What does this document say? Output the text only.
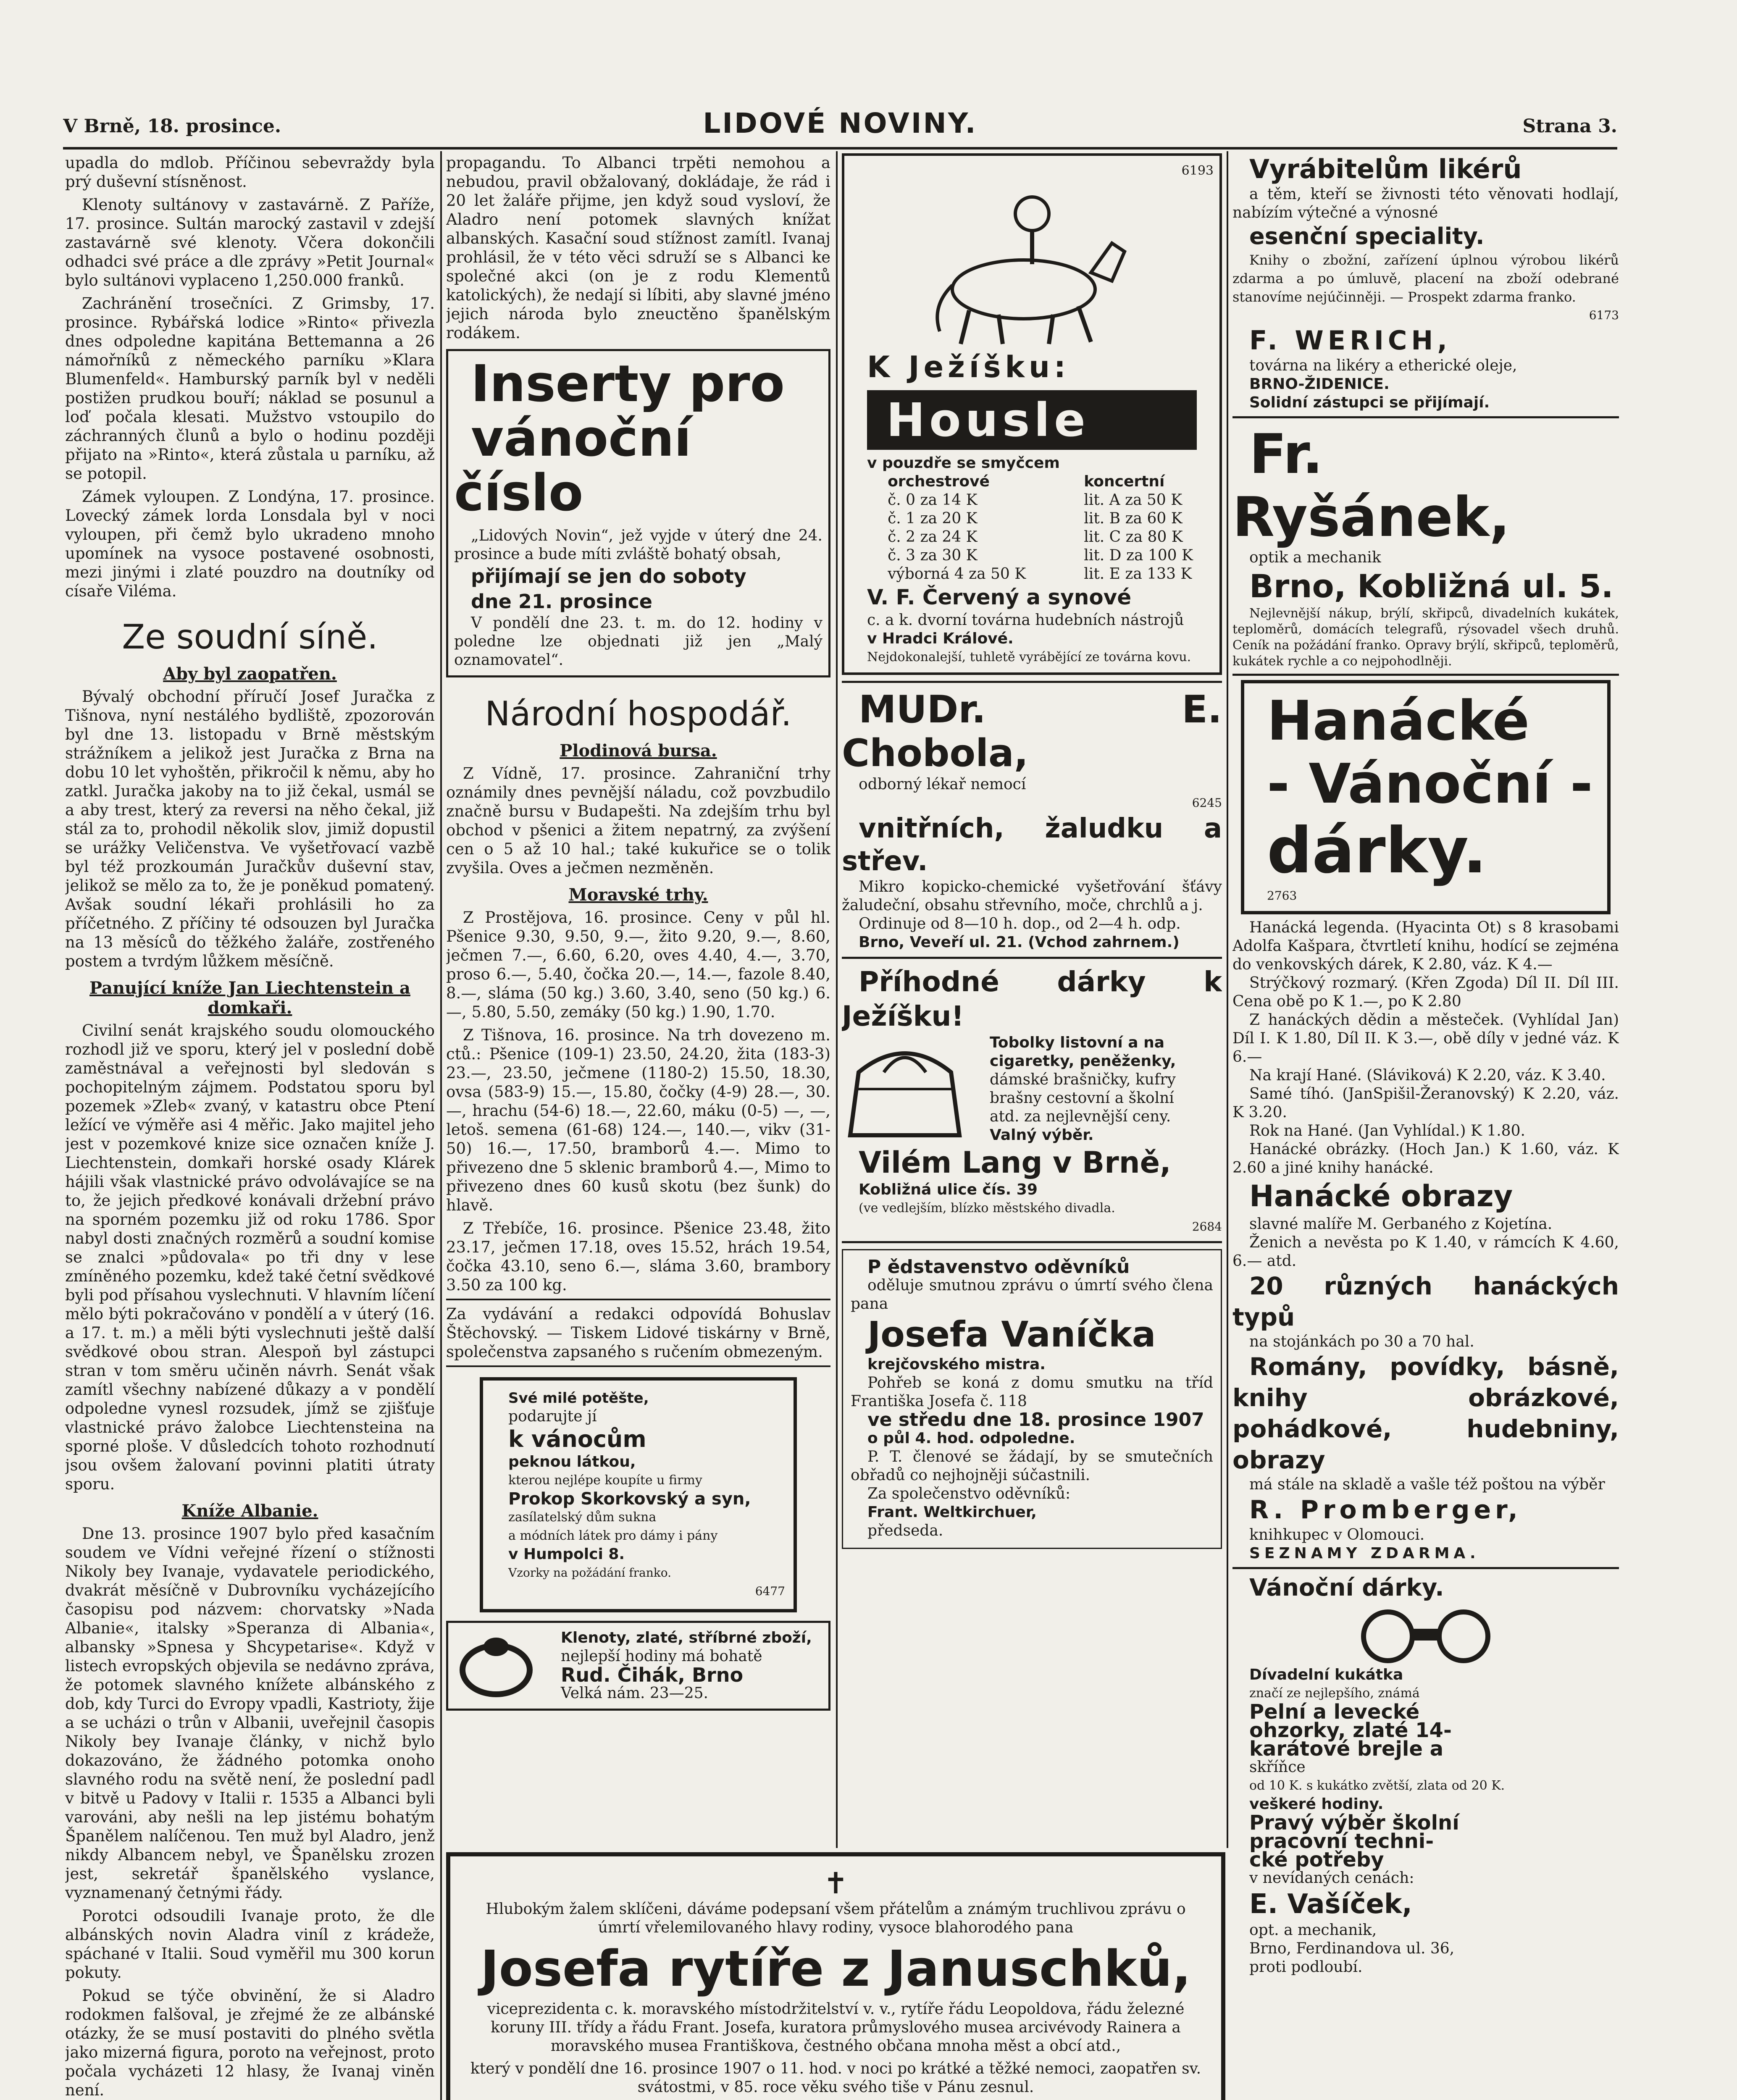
V Brně, 18. prosince.	LIDOVÉ NOVINY.	Strana 3.

upadla do mdlob. Příčinou sebevraždy byla prý duševní stísněnost.

Klenoty sultánovy v zastavárně. Z Paříže, 17. prosince. Sultán marocký zastavil v zdejší zastavárně své klenoty. Včera dokončili odhadci své práce a dle zprávy »Petit Journal« bylo sultánovi vyplaceno 1,250.000 franků.

Zachránění trosečníci. Z Grimsby, 17. prosince. Rybářská lodice »Rinto« přivezla dnes odpoledne kapitána Bettemanna a 26 námořníků z německého parníku »Klara Blumenfeld«. Hamburský parník byl v neděli postižen prudkou bouří; náklad se posunul a loď počala klesati. Mužstvo vstoupilo do záchranných člunů a bylo o hodinu později přijato na »Rinto«, která zůstala u parníku, až se potopil.

Zámek vyloupen. Z Londýna, 17. prosince. Lovecký zámek lorda Lonsdala byl v noci vyloupen, při čemž bylo ukradeno mnoho upomínek na vysoce postavené osobnosti, mezi jinými i zlaté pouzdro na doutníky od císaře Viléma.

Ze soudní síně.
Aby byl zaopatřen.

Bývalý obchodní příručí Josef Juračka z Tišnova, nyní nestálého bydliště, zpozorován byl dne 13. listopadu v Brně městským strážníkem a jelikož jest Juračka z Brna na dobu 10 let vyhoštěn, přikročil k němu, aby ho zatkl. Juračka jakoby na to již čekal, usmál se a aby trest, který za reversi na něho čekal, již stál za to, prohodil několik slov, jimiž dopustil se urážky Veličenstva. Ve vyšetřovací vazbě byl též prozkoumán Juračkův duševní stav, jelikož se mělo za to, že je poněkud pomatený. Avšak soudní lékaři prohlásili ho za příčetného. Z příčiny té odsouzen byl Juračka na 13 měsíců do těžkého žaláře, zostřeného postem a tvrdým lůžkem měsíčně.

Panující kníže Jan Liechtenstein a domkaři.

Civilní senát krajského soudu olomouckého rozhodl již ve sporu, který jel v poslední době zaměstnával a veřejnosti byl sledován s pochopitelným zájmem. Podstatou sporu byl pozemek »Zleb« zvaný, v katastru obce Ptení ležící ve výměře asi 4 měřic. Jako majitel jeho jest v pozemkové knize sice označen kníže J. Liechtenstein, domkaři horské osady Klárek hájili však vlastnické právo odvolávajíce se na to, že jejich předkové konávali držební právo na sporném pozemku již od roku 1786. Spor nabyl dosti značných rozměrů a soudní komise se znalci »půdovala« po tři dny v lese zmíněného pozemku, kdež také četní svědkové byli pod přísahou vyslechnuti. V hlavním líčení mělo býti pokračováno v pondělí a v úterý (16. a 17. t. m.) a měli býti vyslechnuti ještě další svědkové obou stran. Alespoň byl zástupci stran v tom směru učiněn návrh. Senát však zamítl všechny nabízené důkazy a v pondělí odpoledne vynesl rozsudek, jímž se zjišťuje vlastnické právo žalobce Liechtensteina na sporné ploše. V důsledcích tohoto rozhodnutí jsou ovšem žalovaní povinni platiti útraty sporu.

Kníže Albanie.

Dne 13. prosince 1907 bylo před kasačním soudem ve Vídni veřejné řízení o stížnosti Nikoly bey Ivanaje, vydavatele periodického, dvakrát měsíčně v Dubrovníku vycházejícího časopisu pod názvem: chorvatsky »Nada Albanie«, italsky »Speranza di Albania«, albansky »Spnesa y Shcypetarise«. Když v listech evropských objevila se nedávno zpráva, že potomek slavného knížete albánského z dob, kdy Turci do Evropy vpadli, Kastrioty, žije a se ucházi o trůn v Albanii, uveřejnil časopis Nikoly bey Ivanaje články, v nichž bylo dokazováno, že žádného potomka onoho slavného rodu na světě není, že poslední padl v bitvě u Padovy v Italii r. 1535 a Albanci byli varováni, aby nešli na lep jistému bohatým Španělem nalíčenou. Ten muž byl Aladro, jenž nikdy Albancem nebyl, ve Španělsku zrozen jest, sekretář španělského vyslance, vyznamenaný četnými řády.

Porotci odsoudili Ivanaje proto, že dle albánských novin Aladra viníl z krádeže, spáchané v Italii. Soud vyměřil mu 300 korun pokuty.

Pokud se týče obvinění, že si Aladro rodokmen falšoval, je zřejmé že ze albánské otázky, že se musí postaviti do plného světla jako mizerná figura, poroto na veřejnost, proto počala vycházeti 12 hlasy, že Ivanaj viněn není.

propagandu. To Albanci trpěti nemohou a nebudou, pravil obžalovaný, dokládaje, že rád i 20 let žaláře přijme, jen když soud vysloví, že Aladro není potomek slavných knížat albanských. Kasační soud stížnost zamítl. Ivanaj prohlásil, že v této věci sdruží se s Albanci ke společné akci (on je z rodu Klementů katolických), že nedají si líbiti, aby slavné jméno jejich národa bylo zneuctěno španělským rodákem.

Inserty pro

vánoční číslo

„Lidových Novin“, jež vyjde v úterý dne 24. prosince a bude míti zvláště bohatý obsah,

přijímají se jen do soboty

dne 21. prosince

V pondělí dne 23. t. m. do 12. hodiny v poledne lze objednati již jen „Malý oznamovatel“.

Národní hospodář.
Plodinová bursa.

Z Vídně, 17. prosince. Zahraniční trhy oznámily dnes pevnější náladu, což povzbudilo značně bursu v Budapešti. Na zdejším trhu byl obchod v pšenici a žitem nepatrný, za zvýšení cen o 5 až 10 hal.; také kukuřice se o tolik zvyšila. Oves a ječmen nezměněn.

Moravské trhy.

Z Prostějova, 16. prosince. Ceny v půl hl. Pšenice 9.30, 9.50, 9.—, žito 9.20, 9.—, 8.60, ječmen 7.—, 6.60, 6.20, oves 4.40, 4.—, 3.70, proso 6.—, 5.40, čočka 20.—, 14.—, fazole 8.40, 8.—, sláma (50 kg.) 3.60, 3.40, seno (50 kg.) 6.—, 5.80, 5.50, zemáky (50 kg.) 1.90, 1.70.

Z Tišnova, 16. prosince. Na trh dovezeno m. ctů.: Pšenice (109-1) 23.50, 24.20, žita (183-3) 23.—, 23.50, ječmene (1180-2) 15.50, 18.30, ovsa (583-9) 15.—, 15.80, čočky (4-9) 28.—, 30.—, hrachu (54-6) 18.—, 22.60, máku (0-5) —, —, letoš. semena (61-68) 124.—, 140.—, vikv (31-50) 16.—, 17.50, bramborů 4.—. Mimo to přivezeno dne 5 sklenic bramborů 4.—, Mimo to přivezeno dnes 60 kusů skotu (bez šunk) do hlavě.

Z Třebíče, 16. prosince. Pšenice 23.48, žito 23.17, ječmen 17.18, oves 15.52, hrách 19.54, čočka 43.10, seno 6.—, sláma 3.60, brambory 3.50 za 100 kg.

Za vydávání a redakci odpovídá Bohuslav Štěchovský. — Tiskem Lidové tiskárny v Brně, společenstva zapsaného s ručením obmezeným.

Své milé potěšte,

podarujte jí

k vánocům

peknou látkou,

kterou nejlépe koupíte u firmy

Prokop Skorkovský a syn,

zasílatelský dům sukna

a módních látek pro dámy i pány

v Humpolci 8.

Vzorky na požádání franko.

6477

Klenoty, zlaté, stříbrné zboží,

nejlepší hodiny má bohatě

Rud. Čihák, Brno

Velká nám. 23—25.

6193

K Ježíšku:

Housle

v pouzdře se smyčcem

orchestrové

č. 0 za 14 K

č. 1 za 20 K

č. 2 za 24 K

č. 3 za 30 K

výborná 4 za 50 K

koncertní

lit. A za 50 K

lit. B za 60 K

lit. C za 80 K

lit. D za 100 K

lit. E za 133 K

V. F. Červený a synové

c. a k. dvorní továrna hudebních nástrojů

v Hradci Králové.

Nejdokonalejší, tuhletě vyrábějící ze továrna kovu.

MUDr. E. Chobola,

odborný lékař nemocí

6245

vnitřních, žaludku a střev.

Mikro kopicko-chemické vyšetřování šťávy žaludeční, obsahu střevního, moče, chrchlů a j.

Ordinuje od 8—10 h. dop., od 2—4 h. odp.

Brno, Veveří ul. 21. (Vchod zahrnem.)

Příhodné dárky k Ježíšku!

Tobolky listovní a na

cigaretky, peněženky,

dámské brašničky, kufry

brašny cestovní a školní

atd. za nejlevnější ceny.

Valný výběr.

Vilém Lang v Brně,

Kobližná ulice čís. 39

(ve vedlejším, blízko městského divadla.

2684

P ědstavenstvo oděvníků

oděluje smutnou zprávu o úmrtí svého člena pana

Josefa Vaníčka

krejčovského mistra.

Pohřeb se koná z domu smutku na tříd Františka Josefa č. 118

ve středu dne 18. prosince 1907

o půl 4. hod. odpoledne.

P. T. členové se žádají, by se smutečních obřadů co nejhojněji súčastnili.

Za společenstvo oděvníků:

Frant. Weltkirchuer,

předseda.

Vyrábitelům likérů

a těm, kteří se živnosti této věnovati hodlají, nabízím výtečné a výnosné

esenční speciality.

Knihy o zbožní, zařízení úplnou výrobou likérů zdarma a po úmluvě, placení na zboží odebrané stanovíme nejúčinněji. — Prospekt zdarma franko.

6173

F. WERICH,

továrna na likéry a etherické oleje,

BRNO-ŽIDENICE.

Solidní zástupci se přijímají.

Fr. Ryšánek,

optik a mechanik

Brno, Kobližná ul. 5.

Nejlevnější nákup, brýlí, skřipců, divadelních kukátek, teploměrů, domácích telegrafů, rýsovadel všech druhů. Ceník na požádání franko. Opravy brýlí, skřipců, teploměrů, kukátek rychle a co nejpohodlněji.

Hanácké

- Vánoční -

dárky.

2763

Hanácká legenda. (Hyacinta Ot) s 8 krasobami Adolfa Kašpara, čtvrtletí knihu, hodící se zejména do venkovských dárek, K 2.80, váz. K 4.—

Strýčkový rozmarý. (Křen Zgoda) Díl II. Díl III. Cena obě po K 1.—, po K 2.80

Z hanáckých dědin a městeček. (Vyhlídal Jan) Díl I. K 1.80, Díl II. K 3.—, obě díly v jedné váz. K 6.—

Na krají Hané. (Sláviková) K 2.20, váz. K 3.40.

Samé tíhó. (JanSpišil-Žeranovský) K 2.20, váz. K 3.20.

Rok na Hané. (Jan Vyhlídal.) K 1.80.

Hanácké obrázky. (Hoch Jan.) K 1.60, váz. K 2.60 a jiné knihy hanácké.

Hanácké obrazy

slavné malíře M. Gerbaného z Kojetína.

Ženich a nevěsta po K 1.40, v rámcích K 4.60, 6.— atd.

20 různých hanáckých typů

na stojánkách po 30 a 70 hal.

Romány, povídky, básně, knihy obrázkové, pohádkové, hudebniny, obrazy

má stále na skladě a vašle též poštou na výběr

R. Promberger,

knihkupec v Olomouci.

SEZNAMY ZDARMA.

Vánoční dárky.

Dívadelní kukátka

značí ze nejlepšího, známá

Pelní a levecké

ohzorky, zlaté 14-

karátové brejle a

skříňce

od 10 K. s kukátko zvětší, zlata od 20 K.

veškeré hodiny.

Pravý výběr školní

pracovní techni-

cké potřeby

v nevídaných cenách:

E. Vašíček,

opt. a mechanik,

Brno, Ferdinandova ul. 36,

proti podloubí.

✝

Hlubokým žalem sklíčeni, dáváme podepsaní všem přátelům a známým truchlivou zprávu o úmrtí vřelemilovaného hlavy rodiny, vysoce blahorodého pana

Josefa rytíře z Januschků,

viceprezidenta c. k. moravského místodržitelství v. v., rytíře řádu Leopoldova, řádu železné koruny III. třídy a řádu Frant. Josefa, kuratora průmyslového musea arcivévody Rainera a moravského musea Františkova, čestného občana mnoha měst a obcí atd.,

který v pondělí dne 16. prosince 1907 o 11. hod. v noci po krátké a těžké nemoci, zaopatřen sv. svátostmi, v 85. roce věku svého tiše v Pánu zesnul.
